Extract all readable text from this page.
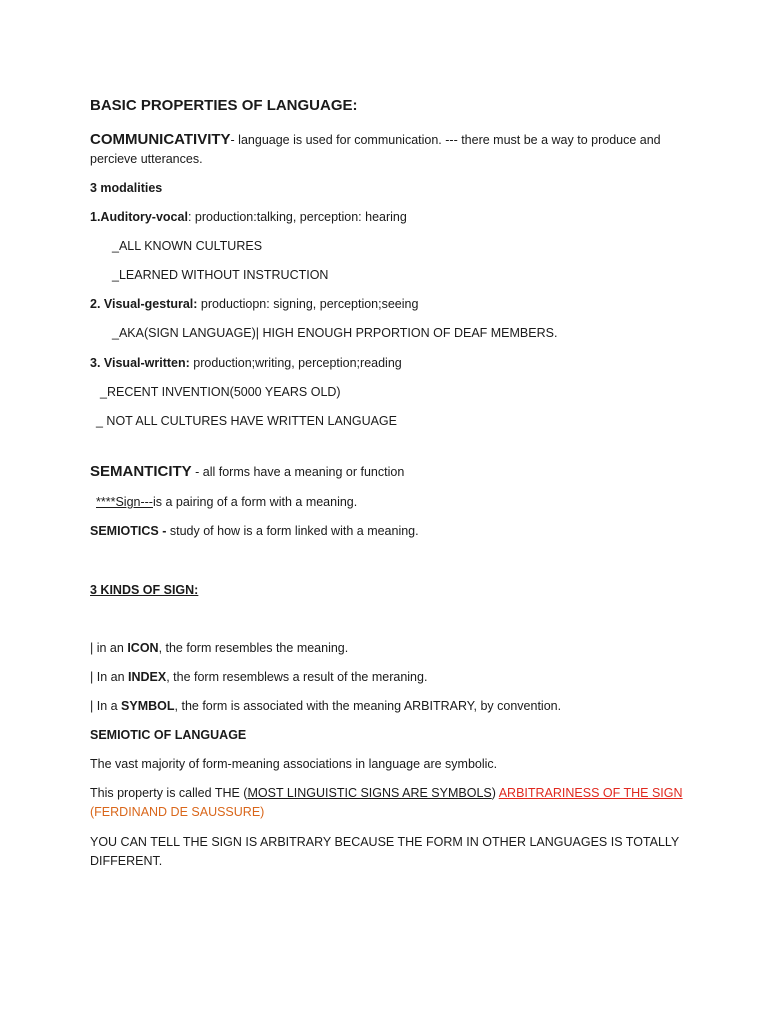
BASIC PROPERTIES OF LANGUAGE:
COMMUNICATIVITY- language is used for communication. --- there must be a way to produce and percieve utterances.
3 modalities
1.Auditory-vocal: production:talking, perception: hearing
_ALL KNOWN CULTURES
_LEARNED WITHOUT INSTRUCTION
2. Visual-gestural: productiopn: signing, perception;seeing
_AKA(SIGN LANGUAGE)| HIGH ENOUGH PRPORTION OF DEAF MEMBERS.
3. Visual-written: production;writing, perception;reading
_RECENT INVENTION(5000 YEARS OLD)
_ NOT ALL CULTURES HAVE WRITTEN LANGUAGE
SEMANTICITY - all forms have a meaning or function
****Sign---is a pairing of a form with a meaning.
SEMIOTICS - study of how is a form linked with a meaning.
3 KINDS OF SIGN:
| in an ICON, the form resembles the meaning.
| In an INDEX, the form resemblews a result of the meraning.
| In a SYMBOL, the form is associated with the meaning ARBITRARY, by convention.
SEMIOTIC OF LANGUAGE
The vast majority of form-meaning associations in language are symbolic.
This property is called THE (MOST LINGUISTIC SIGNS ARE SYMBOLS) ARBITRARINESS OF THE SIGN
(FERDINAND DE SAUSSURE)
YOU CAN TELL THE SIGN IS ARBITRARY BECAUSE THE FORM IN OTHER LANGUAGES IS TOTALLY DIFFERENT.
